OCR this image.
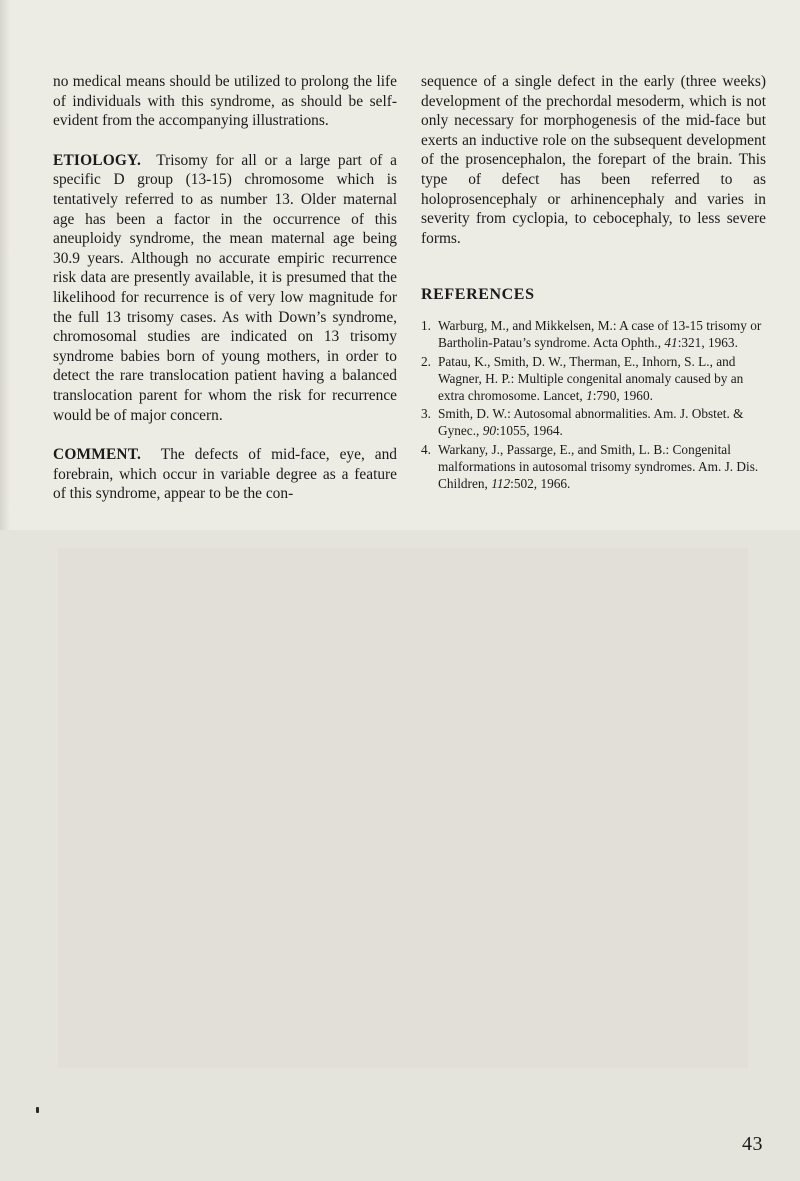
no medical means should be utilized to prolong the life of individuals with this syndrome, as should be self-evident from the accompanying illustrations.

ETIOLOGY. Trisomy for all or a large part of a specific D group (13-15) chromosome which is tentatively referred to as number 13. Older maternal age has been a factor in the occurrence of this aneuploidy syndrome, the mean maternal age being 30.9 years. Although no accurate empiric recurrence risk data are presently available, it is presumed that the likelihood for recurrence is of very low magnitude for the full 13 trisomy cases. As with Down’s syndrome, chromosomal studies are indicated on 13 trisomy syndrome babies born of young mothers, in order to detect the rare translocation patient having a balanced translocation parent for whom the risk for recurrence would be of major concern.

COMMENT. The defects of mid-face, eye, and forebrain, which occur in variable degree as a feature of this syndrome, appear to be the con-

sequence of a single defect in the early (three weeks) development of the prechordal mesoderm, which is not only necessary for morphogenesis of the mid-face but exerts an inductive role on the subsequent development of the prosencephalon, the forepart of the brain. This type of defect has been referred to as holoprosencephaly or arhinencephaly and varies in severity from cyclopia, to cebocephaly, to less severe forms.

REFERENCES
1. Warburg, M., and Mikkelsen, M.: A case of 13-15 trisomy or Bartholin-Patau’s syndrome. Acta Ophth., 41:321, 1963.
2. Patau, K., Smith, D. W., Therman, E., Inhorn, S. L., and Wagner, H. P.: Multiple congenital anomaly caused by an extra chromosome. Lancet, 1:790, 1960.
3. Smith, D. W.: Autosomal abnormalities. Am. J. Obstet. & Gynec., 90:1055, 1964.
4. Warkany, J., Passarge, E., and Smith, L. B.: Congenital malformations in autosomal trisomy syndromes. Am. J. Dis. Children, 112:502, 1966.
43
